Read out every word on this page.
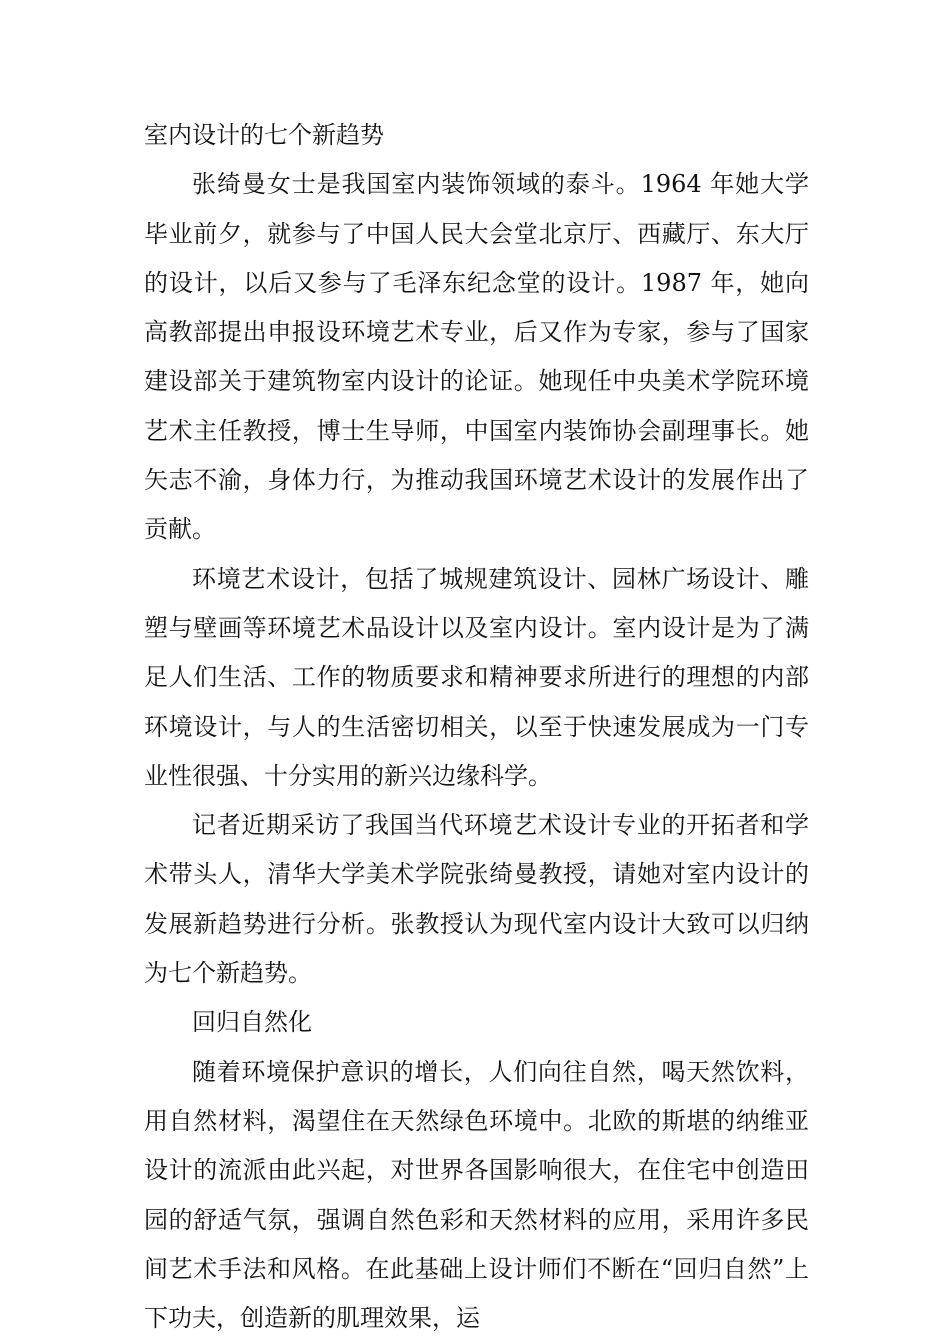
室内设计的七个新趋势

张绮曼女士是我国室内装饰领域的泰斗。1964 年她大学毕业前夕，就参与了中国人民大会堂北京厅、西藏厅、东大厅的设计，以后又参与了毛泽东纪念堂的设计。1987 年，她向高教部提出申报设环境艺术专业，后又作为专家，参与了国家建设部关于建筑物室内设计的论证。她现任中央美术学院环境艺术主任教授，博士生导师，中国室内装饰协会副理事长。她矢志不渝，身体力行，为推动我国环境艺术设计的发展作出了贡献。

环境艺术设计，包括了城规建筑设计、园林广场设计、雕塑与壁画等环境艺术品设计以及室内设计。室内设计是为了满足人们生活、工作的物质要求和精神要求所进行的理想的内部环境设计，与人的生活密切相关，以至于快速发展成为一门专业性很强、十分实用的新兴边缘科学。

记者近期采访了我国当代环境艺术设计专业的开拓者和学术带头人，清华大学美术学院张绮曼教授，请她对室内设计的发展新趋势进行分析。张教授认为现代室内设计大致可以归纳为七个新趋势。

回归自然化

随着环境保护意识的增长，人们向往自然，喝天然饮料，用自然材料，渴望住在天然绿色环境中。北欧的斯堪的纳维亚设计的流派由此兴起，对世界各国影响很大，在住宅中创造田园的舒适气氛，强调自然色彩和天然材料的应用，采用许多民间艺术手法和风格。在此基础上设计师们不断在“回归自然”上下功夫，创造新的肌理效果，运
